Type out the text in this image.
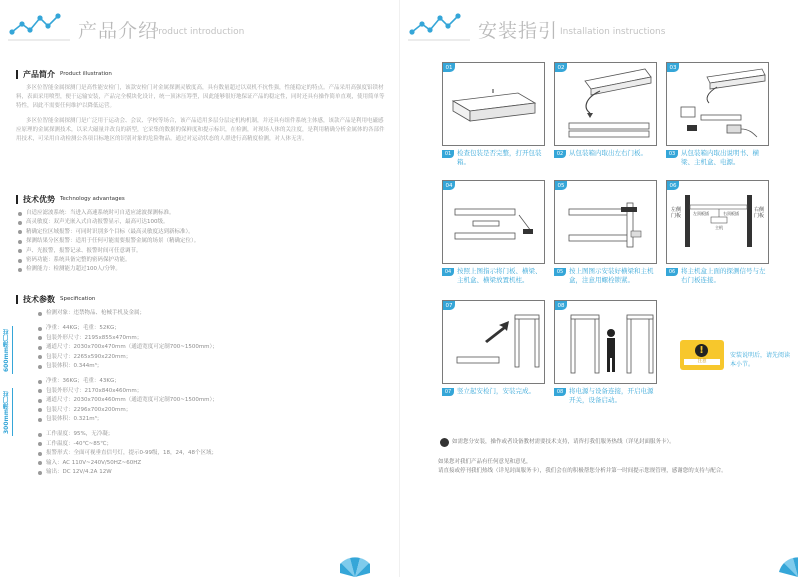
产品介绍
Product introduction
产品简介 Product illustration

多区位智能金属探测门是高性能安检门，该款安检门对金属探测灵敏度高，具有数量超过以双机不抗性强，性能稳定的特点。产品采用高强度铝镁材料，表面采用喷塑，便于运输安装，产品完全模块化设计，统一顶沐压筹型，因此能够很好地保证产品的稳定性，同时还具有操作简单直观，使用简单等特性，因此不需要任何维护以降低运营。

多区位智能金属探测门是广泛用于运动会、会议、学校等场合，该产品适用多层分层定机构机制，并还具有组件系统主体感，该款产品是利用电磁感应原理的金属探测技术，以采大磁量并改良的新型，它采集的数据的保鲜度和提示标识，在检测，对现场人体的关注度，是利用精确分析金属体的各部件用技术，可采用自动检测公各项目标地区的识别对象的危险物品。通过对运动状态的人群进行高精度检测，对人体无害。

技术优势 Technology advantages
自适应滤波系统：当进入高速系统时可自适应滤波探测标准。
高灵敏度：双声光嵌入式自动报警显示，最高可达100级。
精确定位区域报警：可同时识别多个目标（最高灵敏度达到新标准）。
探测结果分区报警：适用于任何可能需要报警金属的场景（精确定位）。
声、光报警，报警记录、报警时间可任意调节。
密码功能：系统具备完整的密码保护功能。
检测能力：检测能力超过100人/分钟。
技术参数 Specification
检测对象：违禁物品、枪械手机及金属；
净重：44KG；毛重：52KG；
包装外形尺寸：2195x855x470mm；
通道尺寸：2030x700x470mm（通道宽度可定制700~1500mm）；
包装尺寸：2265x590x220mm；
包装体积：0.344m³；
净重：36KG；毛重：43KG；
包装外形尺寸：2170x840x460mm；
通道尺寸：2030x700x460mm（通道宽度可定制700~1500mm）；
包装尺寸：2296x700x200mm；
包装体积：0.321m³；
工作湿度：95%，无冷凝；
工作温度：-40℃~85℃；
报警形式：全面可视垂直信号灯，提示0-99级，18，24，48个区域；
输入：AC 110V~240V/50HZ~60HZ
输出：DC 12V/4.2A 12W
600mm薄门柱
300mm薄门柱
安装指引 Installation instructions
01
01 检查包装是否完整，打开包装箱。
02
02 从包装箱内取出左右门板。
03
03 从包装箱内取出说明书、横梁、主机盒、电源。
04
04 按照上图指示将门板、横梁、主机盒、横梁放置机柱。
05
05 按上图图示安装好横梁和主机盒，注意用螺栓锁紧。
06
左侧门板
右侧门板
左顶板插	右顶板插
主机
06 将主机盒上面的探测信号与左右门板连接。
07
07 竖立起安检门，安装完成。
08
08 将电源与设备连接，开启电源开关，设备启动。
!
注意
安装说明后，请先阅读本小节。
如需您分安装，操作或者设备教材需要技术支持，请咨打我们服务热线（详见封面服务卡）。
如果您对我们产品有任何意见和意见，
请直接或停刊我们热线（详见封面服务卡），我们会在的积极帮您分析并第一时间提示您规管理，感谢您的支持与配合。
